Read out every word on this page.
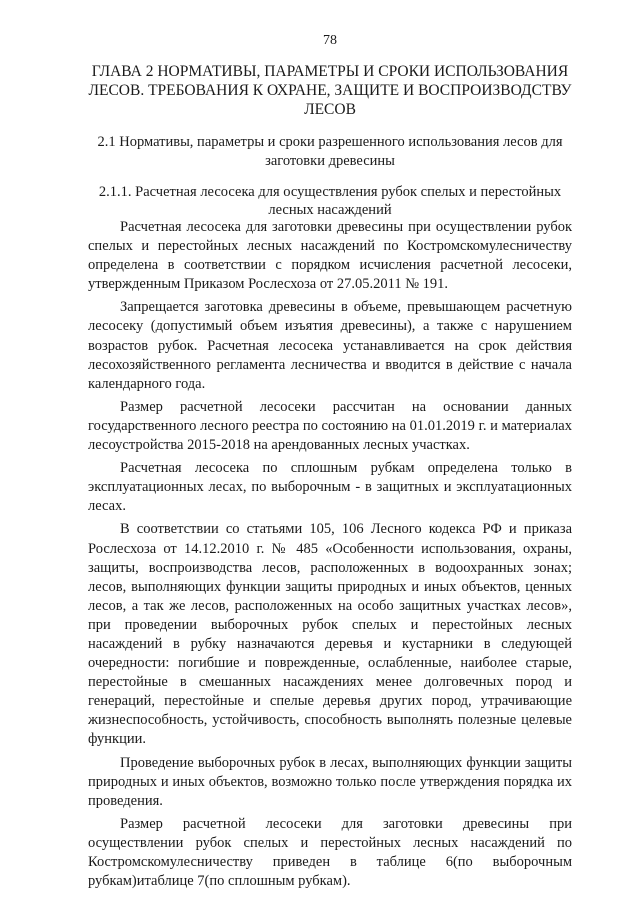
78
ГЛАВА 2 НОРМАТИВЫ, ПАРАМЕТРЫ И СРОКИ ИСПОЛЬЗОВАНИЯ ЛЕСОВ. ТРЕБОВАНИЯ К ОХРАНЕ, ЗАЩИТЕ И ВОСПРОИЗВОДСТВУ ЛЕСОВ
2.1 Нормативы, параметры и сроки разрешенного использования лесов для заготовки древесины
2.1.1. Расчетная лесосека для осуществления рубок спелых и перестойных лесных насаждений

Расчетная лесосека для заготовки древесины при осуществлении рубок спелых и перестойных лесных насаждений по Костромскомулесничеству определена в соответствии с порядком исчисления расчетной лесосеки, утвержденным Приказом Рослесхоза от 27.05.2011 № 191.

Запрещается заготовка древесины в объеме, превышающем расчетную лесосеку (допустимый объем изъятия древесины), а также с нарушением возрастов рубок. Расчетная лесосека устанавливается на срок действия лесохозяйственного регламента лесничества и вводится в действие с начала календарного года.

Размер расчетной лесосеки рассчитан на основании данных государственного лесного реестра по состоянию на 01.01.2019 г. и материалах лесоустройства 2015-2018 на арендованных лесных участках.

Расчетная лесосека по сплошным рубкам определена только в эксплуатационных лесах, по выборочным - в защитных и эксплуатационных лесах.

В соответствии со статьями 105, 106 Лесного кодекса РФ и приказа Рослесхоза от 14.12.2010 г. № 485 «Особенности использования, охраны, защиты, воспроизводства лесов, расположенных в водоохранных зонах; лесов, выполняющих функции защиты природных и иных объектов, ценных лесов, а так же лесов, расположенных на особо защитных участках лесов», при проведении выборочных рубок спелых и перестойных лесных насаждений в рубку назначаются деревья и кустарники в следующей очередности: погибшие и поврежденные, ослабленные, наиболее старые, перестойные в смешанных насаждениях менее долговечных пород и генераций, перестойные и спелые деревья других пород, утрачивающие жизнеспособность, устойчивость, способность выполнять полезные целевые функции.

Проведение выборочных рубок в лесах, выполняющих функции защиты природных и иных объектов, возможно только после утверждения порядка их проведения.

Размер расчетной лесосеки для заготовки древесины при осуществлении рубок спелых и перестойных лесных насаждений по Костромскомулесничеству приведен в таблице 6(по выборочным рубкам)итаблице 7(по сплошным рубкам).
